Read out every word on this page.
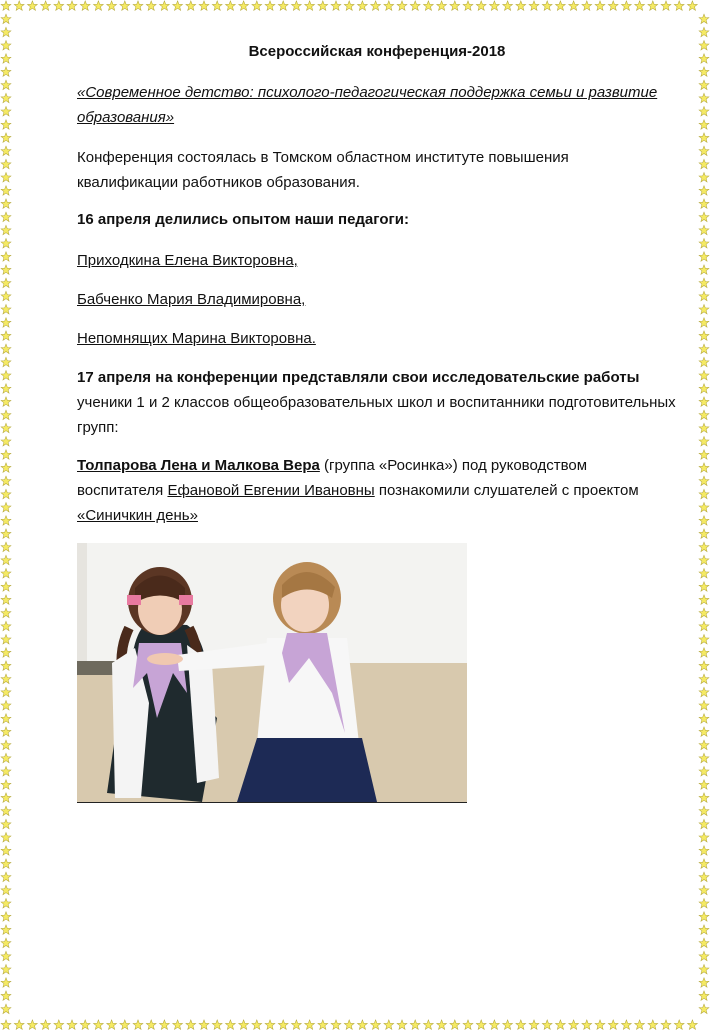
Всероссийская конференция-2018

«Современное детство: психолого-педагогическая поддержка семьи и развитие образования»

Конференция состоялась в Томском областном институте повышения квалификации работников образования.

16 апреля делились опытом наши педагоги:

Приходкина Елена Викторовна,

Бабченко Мария Владимировна,

Непомнящих Марина Викторовна.

17 апреля на конференции представляли свои исследовательские работы ученики 1 и 2 классов общеобразовательных школ и воспитанники подготовительных групп:

Толпарова Лена и Малкова Вера (группа «Росинка») под руководством воспитателя Ефановой Евгении Ивановны познакомили слушателей с проектом «Синичкин день»
